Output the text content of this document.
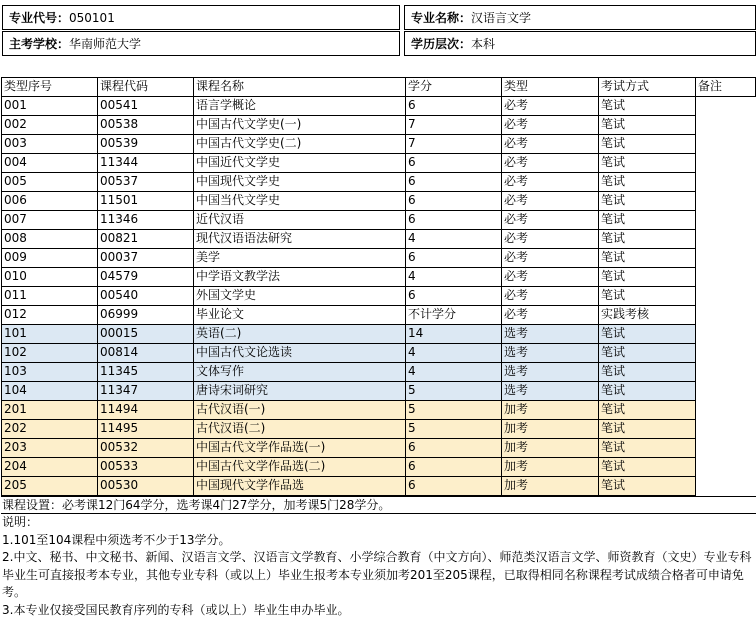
专业代号：050101	专业名称：汉语言文学
主考学校：华南师范大学	学历层次：本科
类型序号	课程代码	课程名称	学分	类型	考试方式	备注
001	00541	语言学概论	6	必考	笔试	
002	00538	中国古代文学史(一)	7	必考	笔试	
003	00539	中国古代文学史(二)	7	必考	笔试	
004	11344	中国近代文学史	6	必考	笔试	
005	00537	中国现代文学史	6	必考	笔试	
006	11501	中国当代文学史	6	必考	笔试	
007	11346	近代汉语	6	必考	笔试	
008	00821	现代汉语语法研究	4	必考	笔试	
009	00037	美学	6	必考	笔试	
010	04579	中学语文教学法	4	必考	笔试	
011	00540	外国文学史	6	必考	笔试	
012	06999	毕业论文	不计学分	必考	实践考核	
101	00015	英语(二)	14	选考	笔试	
102	00814	中国古代文论选读	4	选考	笔试	
103	11345	文体写作	4	选考	笔试	
104	11347	唐诗宋词研究	5	选考	笔试	
201	11494	古代汉语(一)	5	加考	笔试	
202	11495	古代汉语(二)	5	加考	笔试	
203	00532	中国古代文学作品选(一)	6	加考	笔试	
204	00533	中国古代文学作品选(二)	6	加考	笔试	
205	00530	中国现代文学作品选	6	加考	笔试	
课程设置：必考课12门64学分，选考课4门27学分，加考课5门28学分。
说明：
1.101至104课程中须选考不少于13学分。
2.中文、秘书、中文秘书、新闻、汉语言文学、汉语言文学教育、小学综合教育（中文方向）、师范类汉语言文学、师资教育（文史）专业专科毕业生可直接报考本专业，其他专业专科（或以上）毕业生报考本专业须加考201至205课程，已取得相同名称课程考试成绩合格者可申请免考。
3.本专业仅接受国民教育序列的专科（或以上）毕业生申办毕业。
